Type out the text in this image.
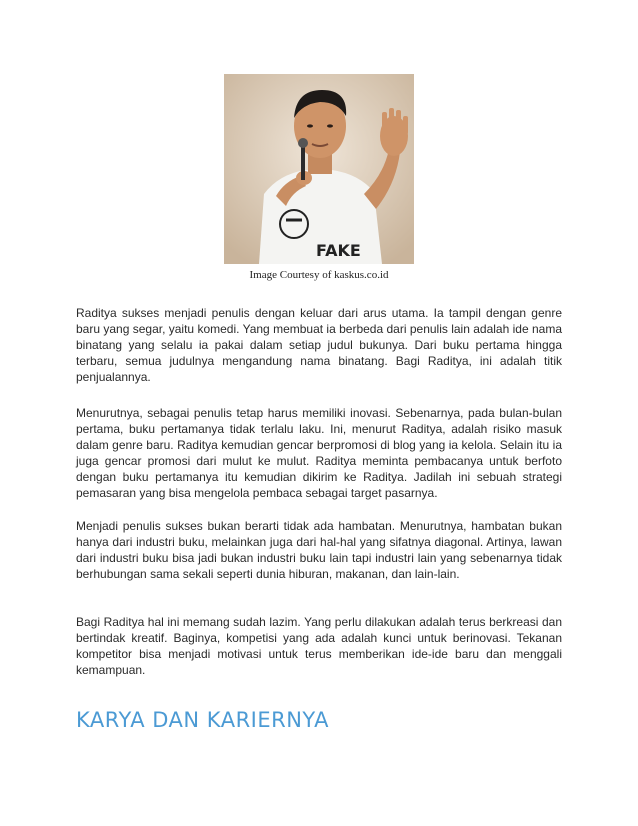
FAKE
Image Courtesy of kaskus.co.id

Raditya sukses menjadi penulis dengan keluar dari arus utama. Ia tampil dengan genre baru yang segar, yaitu komedi. Yang membuat ia berbeda dari penulis lain adalah ide nama binatang yang selalu ia pakai dalam setiap judul bukunya. Dari buku pertama hingga terbaru, semua judulnya mengandung nama binatang. Bagi Raditya, ini adalah titik penjualannya.

Menurutnya, sebagai penulis tetap harus memiliki inovasi. Sebenarnya, pada bulan-bulan pertama, buku pertamanya tidak terlalu laku. Ini, menurut Raditya, adalah risiko masuk dalam genre baru. Raditya kemudian gencar berpromosi di blog yang ia kelola. Selain itu ia juga gencar promosi dari mulut ke mulut. Raditya meminta pembacanya untuk berfoto dengan buku pertamanya itu kemudian dikirim ke Raditya. Jadilah ini sebuah strategi pemasaran yang bisa mengelola pembaca sebagai target pasarnya.

Menjadi penulis sukses bukan berarti tidak ada hambatan. Menurutnya, hambatan bukan hanya dari industri buku, melainkan juga dari hal-hal yang sifatnya diagonal. Artinya, lawan dari industri buku bisa jadi bukan industri buku lain tapi industri lain yang sebenarnya tidak berhubungan sama sekali seperti dunia hiburan, makanan, dan lain-lain.

Bagi Raditya hal ini memang sudah lazim. Yang perlu dilakukan adalah terus berkreasi dan bertindak kreatif. Baginya, kompetisi yang ada adalah kunci untuk berinovasi. Tekanan kompetitor bisa menjadi motivasi untuk terus memberikan ide-ide baru dan menggali kemampuan.

KARYA DAN KARIERNYA
